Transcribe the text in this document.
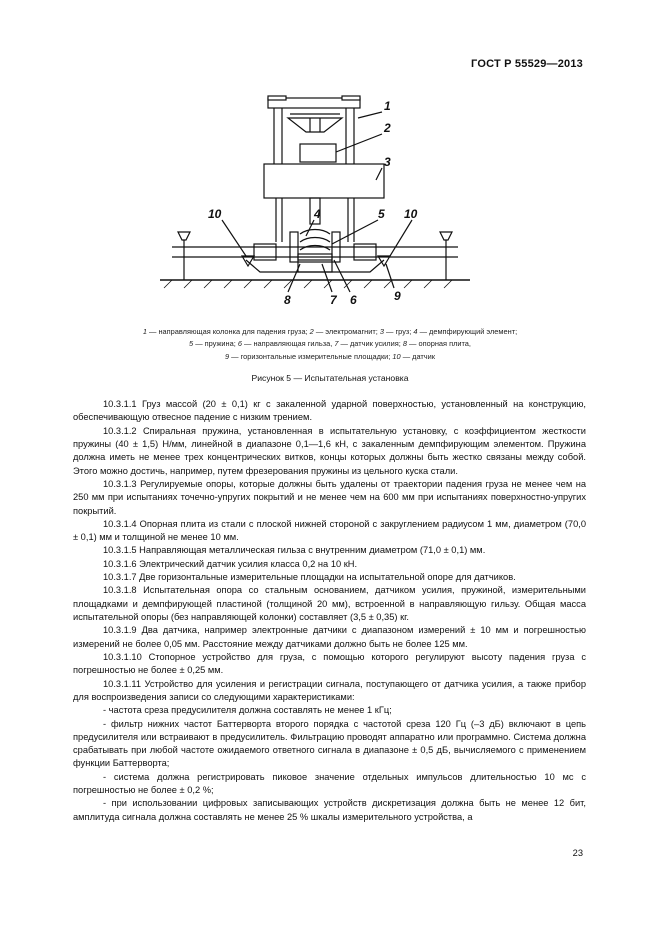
ГОСТ Р 55529—2013
1
2
3
4	5
6
7
8	9
10	10
1 — направляющая колонка для падения груза; 2 — электромагнит; 3 — груз; 4 — демпфирующий элемент;
5 — пружина; 6 — направляющая гильза, 7 — датчик усилия; 8 — опорная плита,
9 — горизонтальные измерительные площадки; 10 — датчик
Рисунок 5 — Испытательная установка

10.3.1.1 Груз массой (20 ± 0,1) кг с закаленной ударной поверхностью, установленный на конструкцию, обеспечивающую отвесное падение с низким трением.

10.3.1.2 Спиральная пружина, установленная в испытательную установку, с коэффициентом жесткости пружины (40 ± 1,5) Н/мм, линейной в диапазоне 0,1—1,6 кН, с закаленным демпфирующим элементом. Пружина должна иметь не менее трех концентрических витков, концы которых должны быть жестко связаны между собой. Этого можно достичь, например, путем фрезерования пружины из цельного куска стали.

10.3.1.3 Регулируемые опоры, которые должны быть удалены от траектории падения груза не менее чем на 250 мм при испытаниях точечно-упругих покрытий и не менее чем на 600 мм при испытаниях поверхностно-упругих покрытий.

10.3.1.4 Опорная плита из стали с плоской нижней стороной с закруглением радиусом 1 мм, диаметром (70,0 ± 0,1) мм и толщиной не менее 10 мм.

10.3.1.5 Направляющая металлическая гильза с внутренним диаметром (71,0 ± 0,1) мм.

10.3.1.6 Электрический датчик усилия класса 0,2 на 10 кН.

10.3.1.7 Две горизонтальные измерительные площадки на испытательной опоре для датчиков.

10.3.1.8 Испытательная опора со стальным основанием, датчиком усилия, пружиной, измерительными площадками и демпфирующей пластиной (толщиной 20 мм), встроенной в направляющую гильзу. Общая масса испытательной опоры (без направляющей колонки) составляет (3,5 ± 0,35) кг.

10.3.1.9 Два датчика, например электронные датчики с диапазоном измерений ± 10 мм и погрешностью измерений не более 0,05 мм. Расстояние между датчиками должно быть не более 125 мм.

10.3.1.10 Стопорное устройство для груза, с помощью которого регулируют высоту падения груза с погрешностью не более ± 0,25 мм.

10.3.1.11 Устройство для усиления и регистрации сигнала, поступающего от датчика усилия, а также прибор для воспроизведения записи со следующими характеристиками:

- частота среза предусилителя должна составлять не менее 1 кГц;

- фильтр нижних частот Баттерворта второго порядка с частотой среза 120 Гц (–3 дБ) включают в цепь предусилителя или встраивают в предусилитель. Фильтрацию проводят аппаратно или программно. Система должна срабатывать при любой частоте ожидаемого ответного сигнала в диапазоне ± 0,5 дБ, вычисляемого с применением функции Баттерворта;

- система должна регистрировать пиковое значение отдельных импульсов длительностью 10 мс с погрешностью не более ± 0,2 %;

- при использовании цифровых записывающих устройств дискретизация должна быть не менее 12 бит, амплитуда сигнала должна составлять не менее 25 % шкалы измерительного устройства, а

23
